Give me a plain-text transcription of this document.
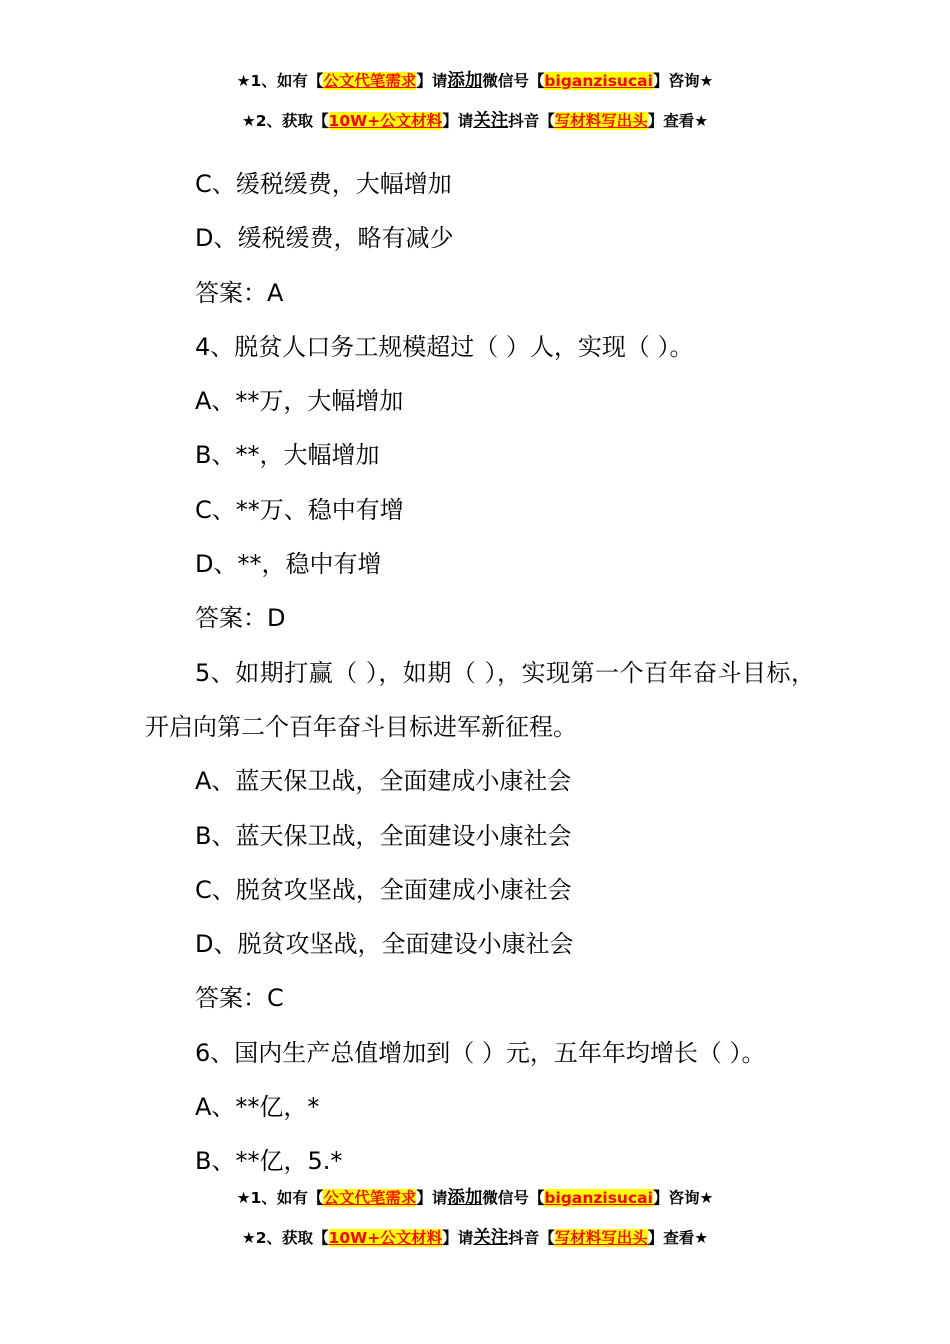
★1、如有【公文代笔需求】请添加微信号【biganzisucai】咨询★
★2、获取【10W+公文材料】请关注抖音【写材料写出头】查看★
C、缓税缓费，大幅增加
D、缓税缓费，略有减少
答案：A
4、脱贫人口务工规模超过（ ）人，实现（ ）。
A、**万，大幅增加
B、**，大幅增加
C、**万、稳中有增
D、**，稳中有增
答案：D
5、如期打赢（ ），如期（ ），实现第一个百年奋斗目标，开启向第二个百年奋斗目标进军新征程。
A、蓝天保卫战，全面建成小康社会
B、蓝天保卫战，全面建设小康社会
C、脱贫攻坚战，全面建成小康社会
D、脱贫攻坚战，全面建设小康社会
答案：C
6、国内生产总值增加到（ ）元，五年年均增长（ ）。
A、**亿，*
B、**亿，5.*
★1、如有【公文代笔需求】请添加微信号【biganzisucai】咨询★
★2、获取【10W+公文材料】请关注抖音【写材料写出头】查看★
